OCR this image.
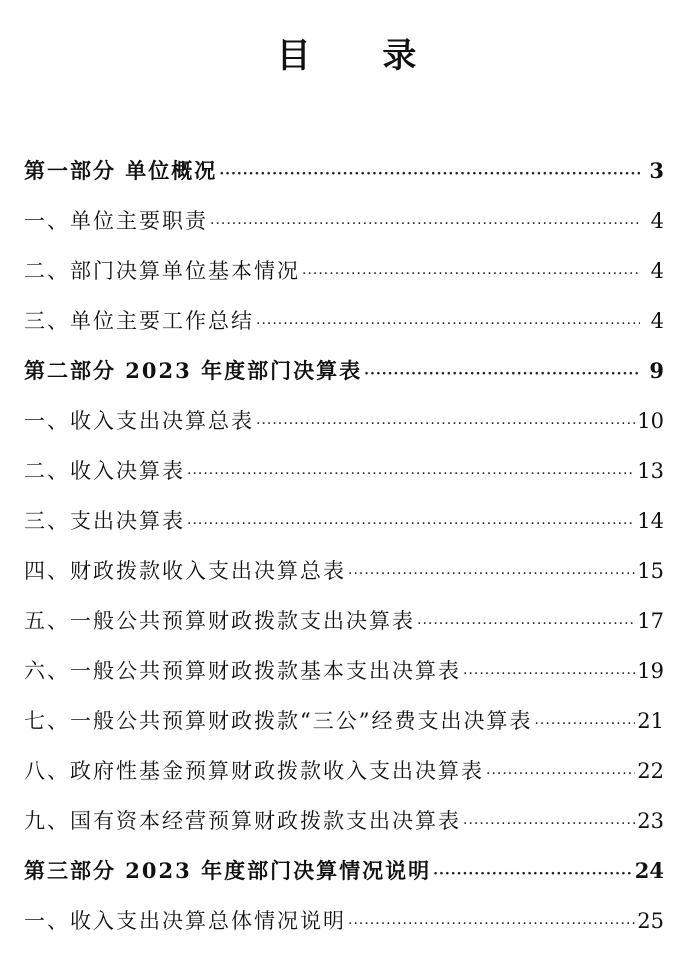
目 录
第一部分 单位概况 ·····	3
一、单位主要职责 ·····	4
二、部门决算单位基本情况 ·····	4
三、单位主要工作总结 ·····	4
第二部分 2023 年度部门决算表 ·····	9
一、收入支出决算总表 ·····	10
二、收入决算表 ·····	13
三、支出决算表 ·····	14
四、财政拨款收入支出决算总表 ·····	15
五、一般公共预算财政拨款支出决算表 ·····	17
六、一般公共预算财政拨款基本支出决算表 ·····	19
七、一般公共预算财政拨款“三公”经费支出决算表 ·····	21
八、政府性基金预算财政拨款收入支出决算表 ·····	22
九、国有资本经营预算财政拨款支出决算表 ·····	23
第三部分 2023 年度部门决算情况说明 ·····	24
一、收入支出决算总体情况说明 ·····	25
